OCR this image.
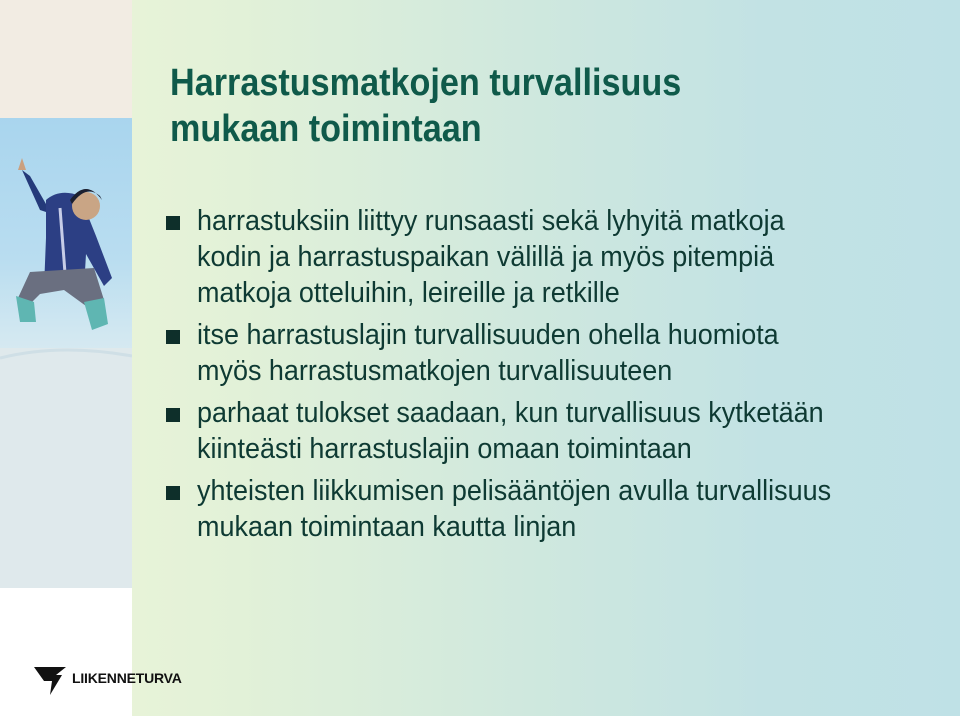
Harrastusmatkojen turvallisuus
mukaan toimintaan
harrastuksiin liittyy runsaasti sekä lyhyitä matkoja
kodin ja harrastuspaikan välillä ja myös pitempiä
matkoja otteluihin, leireille ja retkille
itse harrastuslajin turvallisuuden ohella huomiota
myös harrastusmatkojen turvallisuuteen
parhaat tulokset saadaan, kun turvallisuus kytketään
kiinteästi harrastuslajin omaan toimintaan
yhteisten liikkumisen pelisääntöjen avulla turvallisuus
mukaan toimintaan kautta linjan
LIIKENNETURVA
